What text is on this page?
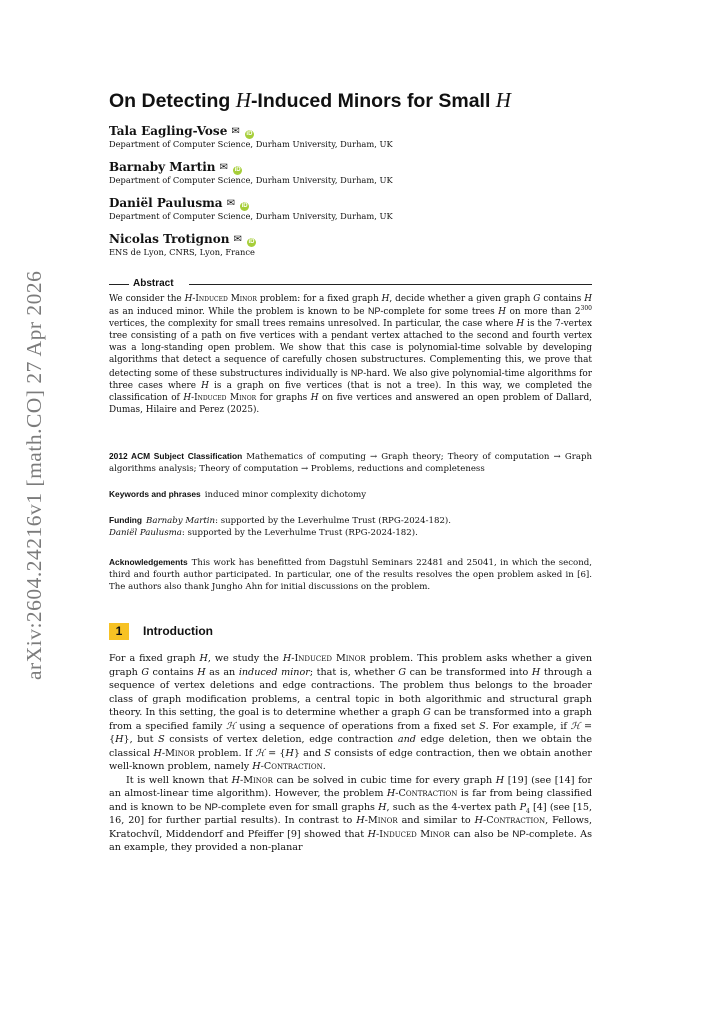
arXiv:2604.24216v1 [math.CO] 27 Apr 2026
On Detecting H-Induced Minors for Small H
Tala Eagling-Vose ✉ iD
Department of Computer Science, Durham University, Durham, UK
Barnaby Martin ✉ iD
Department of Computer Science, Durham University, Durham, UK
Daniël Paulusma ✉ iD
Department of Computer Science, Durham University, Durham, UK
Nicolas Trotignon ✉ iD
ENS de Lyon, CNRS, Lyon, France
Abstract

We consider the H-Induced Minor problem: for a fixed graph H, decide whether a given graph G contains H as an induced minor. While the problem is known to be NP-complete for some trees H on more than $2^{300}$ vertices, the complexity for small trees remains unresolved. In particular, the case where H is the 7-vertex tree consisting of a path on five vertices with a pendant vertex attached to the second and fourth vertex was a long-standing open problem. We show that this case is polynomial-time solvable by developing algorithms that detect a sequence of carefully chosen substructures. Complementing this, we prove that detecting some of these substructures individually is NP-hard. We also give polynomial-time algorithms for three cases where H is a graph on five vertices (that is not a tree). In this way, we completed the classification of H-Induced Minor for graphs H on five vertices and answered an open problem of Dallard, Dumas, Hilaire and Perez (2025).

2012 ACM Subject Classification Mathematics of computing → Graph theory; Theory of computation → Graph algorithms analysis; Theory of computation → Problems, reductions and completeness

Keywords and phrases induced minor complexity dichotomy

Funding Barnaby Martin: supported by the Leverhulme Trust (RPG-2024-182).
Daniël Paulusma: supported by the Leverhulme Trust (RPG-2024-182).

Acknowledgements This work has benefitted from Dagstuhl Seminars 22481 and 25041, in which the second, third and fourth author participated. In particular, one of the results resolves the open problem asked in [6]. The authors also thank Jungho Ahn for initial discussions on the problem.

1 Introduction

For a fixed graph H, we study the H-Induced Minor problem. This problem asks whether a given graph G contains H as an induced minor; that is, whether G can be transformed into H through a sequence of vertex deletions and edge contractions. The problem thus belongs to the broader class of graph modification problems, a central topic in both algorithmic and structural graph theory. In this setting, the goal is to determine whether a graph G can be transformed into a graph from a specified family ℋ using a sequence of operations from a fixed set S. For example, if ℋ = {H}, but S consists of vertex deletion, edge contraction and edge deletion, then we obtain the classical H-Minor problem. If ℋ = {H} and S consists of edge contraction, then we obtain another well-known problem, namely H-Contraction.

It is well known that H-Minor can be solved in cubic time for every graph H [19] (see [14] for an almost-linear time algorithm). However, the problem H-Contraction is far from being classified and is known to be NP-complete even for small graphs H, such as the 4-vertex path $P_4$ [4] (see [15, 16, 20] for further partial results). In contrast to H-Minor and similar to H-Contraction, Fellows, Kratochvíl, Middendorf and Pfeiffer [9] showed that H-Induced Minor can also be NP-complete. As an example, they provided a non-planar
